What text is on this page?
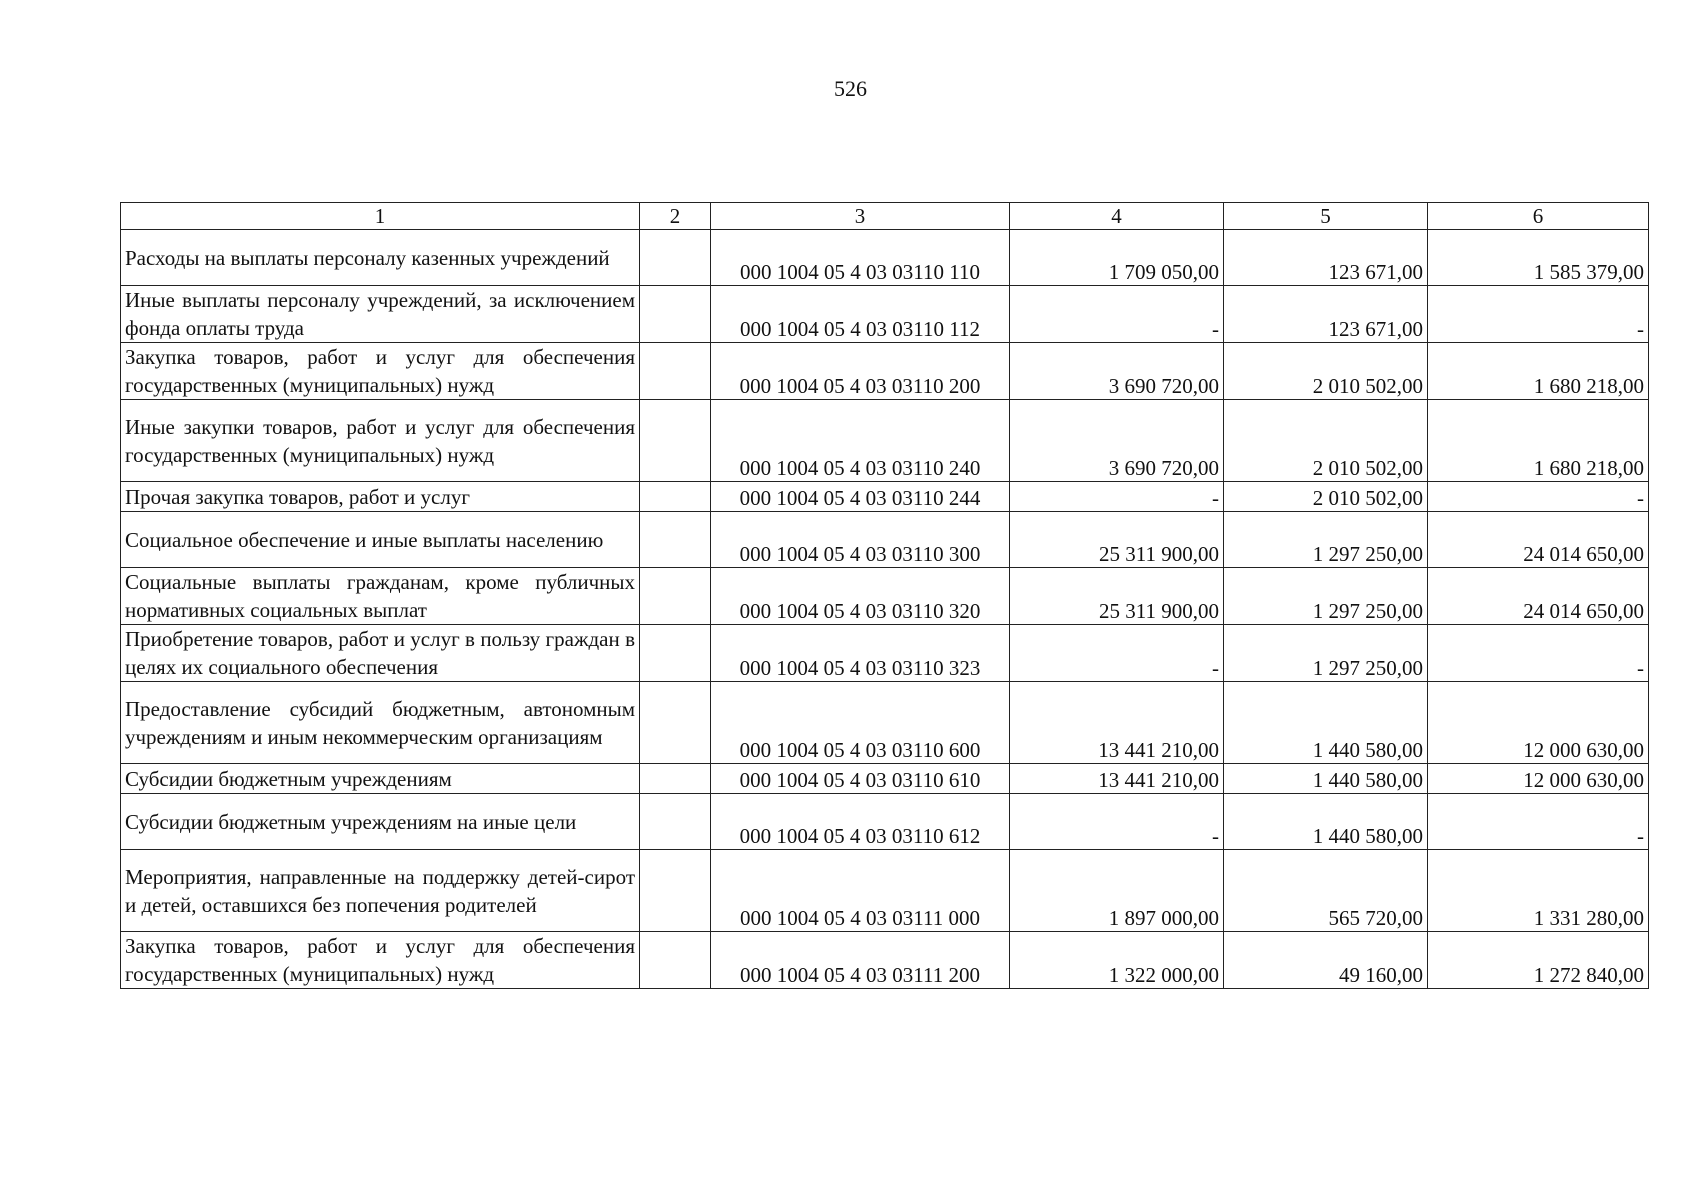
526
1	2	3	4	5	6
Расходы на выплаты персоналу казенных учреждений		000 1004 05 4 03 03110 110	1 709 050,00	123 671,00	1 585 379,00
Иные выплаты персоналу учреждений, за исключением фонда оплаты труда		000 1004 05 4 03 03110 112	-	123 671,00	-
Закупка товаров, работ и услуг для обеспечения государственных (муниципальных) нужд		000 1004 05 4 03 03110 200	3 690 720,00	2 010 502,00	1 680 218,00
Иные закупки товаров, работ и услуг для обеспечения государственных (муниципальных) нужд		000 1004 05 4 03 03110 240	3 690 720,00	2 010 502,00	1 680 218,00
Прочая закупка товаров, работ и услуг		000 1004 05 4 03 03110 244	-	2 010 502,00	-
Социальное обеспечение и иные выплаты населению		000 1004 05 4 03 03110 300	25 311 900,00	1 297 250,00	24 014 650,00
Социальные выплаты гражданам, кроме публичных нормативных социальных выплат		000 1004 05 4 03 03110 320	25 311 900,00	1 297 250,00	24 014 650,00
Приобретение товаров, работ и услуг в пользу граждан в целях их социального обеспечения		000 1004 05 4 03 03110 323	-	1 297 250,00	-
Предоставление субсидий бюджетным, автономным учреждениям и иным некоммерческим организациям		000 1004 05 4 03 03110 600	13 441 210,00	1 440 580,00	12 000 630,00
Субсидии бюджетным учреждениям		000 1004 05 4 03 03110 610	13 441 210,00	1 440 580,00	12 000 630,00
Субсидии бюджетным учреждениям на иные цели		000 1004 05 4 03 03110 612	-	1 440 580,00	-
Мероприятия, направленные на поддержку детей-сирот и детей, оставшихся без попечения родителей		000 1004 05 4 03 03111 000	1 897 000,00	565 720,00	1 331 280,00
Закупка товаров, работ и услуг для обеспечения государственных (муниципальных) нужд		000 1004 05 4 03 03111 200	1 322 000,00	49 160,00	1 272 840,00
